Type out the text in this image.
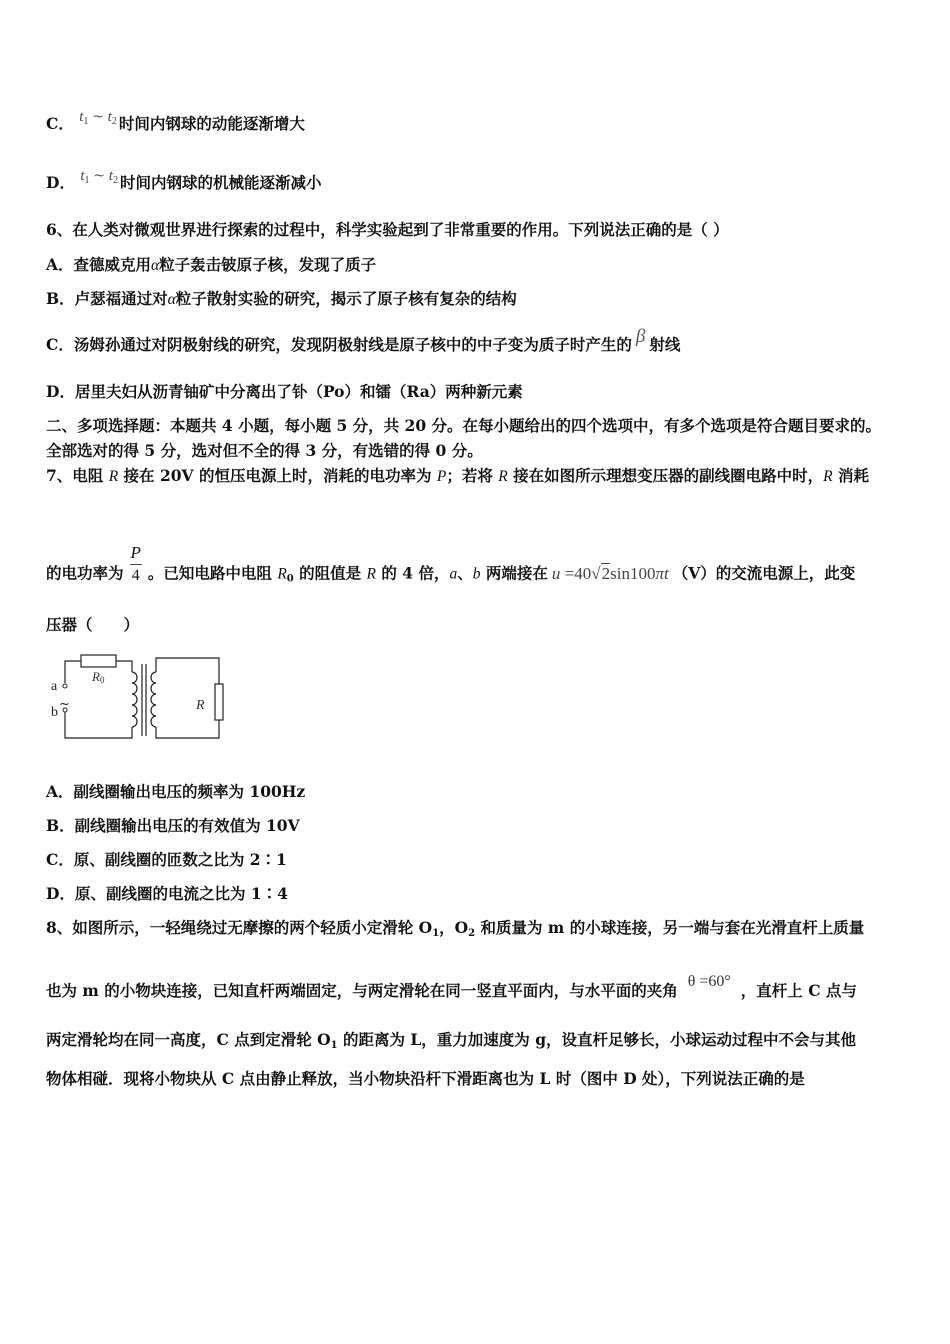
C． $t_1$ ~ $t_2$ 时间内钢球的动能逐渐增大
D． $t_1$ ~ $t_2$ 时间内钢球的机械能逐渐减小
6、在人类对微观世界进行探索的过程中，科学实验起到了非常重要的作用。下列说法正确的是（ ）
A．查德威克用α粒子轰击铍原子核，发现了质子
B．卢瑟福通过对α粒子散射实验的研究，揭示了原子核有复杂的结构
C．汤姆孙通过对阴极射线的研究，发现阴极射线是原子核中的中子变为质子时产生的 β 射线
D．居里夫妇从沥青铀矿中分离出了钋（Po）和镭（Ra）两种新元素
二、多项选择题：本题共 4 小题，每小题 5 分，共 20 分。在每小题给出的四个选项中，有多个选项是符合题目要求的。
全部选对的得 5 分，选对但不全的得 3 分，有选错的得 0 分。
7、电阻 R 接在 20V 的恒压电源上时，消耗的电功率为 P；若将 R 接在如图所示理想变压器的副线圈电路中时，R 消耗
的电功率为 $\frac{P}{4}$ 。已知电路中电阻 $R_0$ 的阻值是 R 的 4 倍，a、b 两端接在 u =40√2sin100πt （V）的交流电源上，此变
压器（　　）
a
b
~
R0
R
A．副线圈输出电压的频率为 100Hz
B．副线圈输出电压的有效值为 10V
C．原、副线圈的匝数之比为 2∶1
D．原、副线圈的电流之比为 1∶4
8、如图所示，一轻绳绕过无摩擦的两个轻质小定滑轮 $O_1$，$O_2$ 和质量为 m 的小球连接，另一端与套在光滑直杆上质量
也为 m 的小物块连接，已知直杆两端固定，与两定滑轮在同一竖直平面内，与水平面的夹角 θ =60° ，直杆上 C 点与
两定滑轮均在同一高度，C 点到定滑轮 $O_1$ 的距离为 L，重力加速度为 g，设直杆足够长，小球运动过程中不会与其他
物体相碰．现将小物块从 C 点由静止释放，当小物块沿杆下滑距离也为 L 时（图中 D 处），下列说法正确的是
